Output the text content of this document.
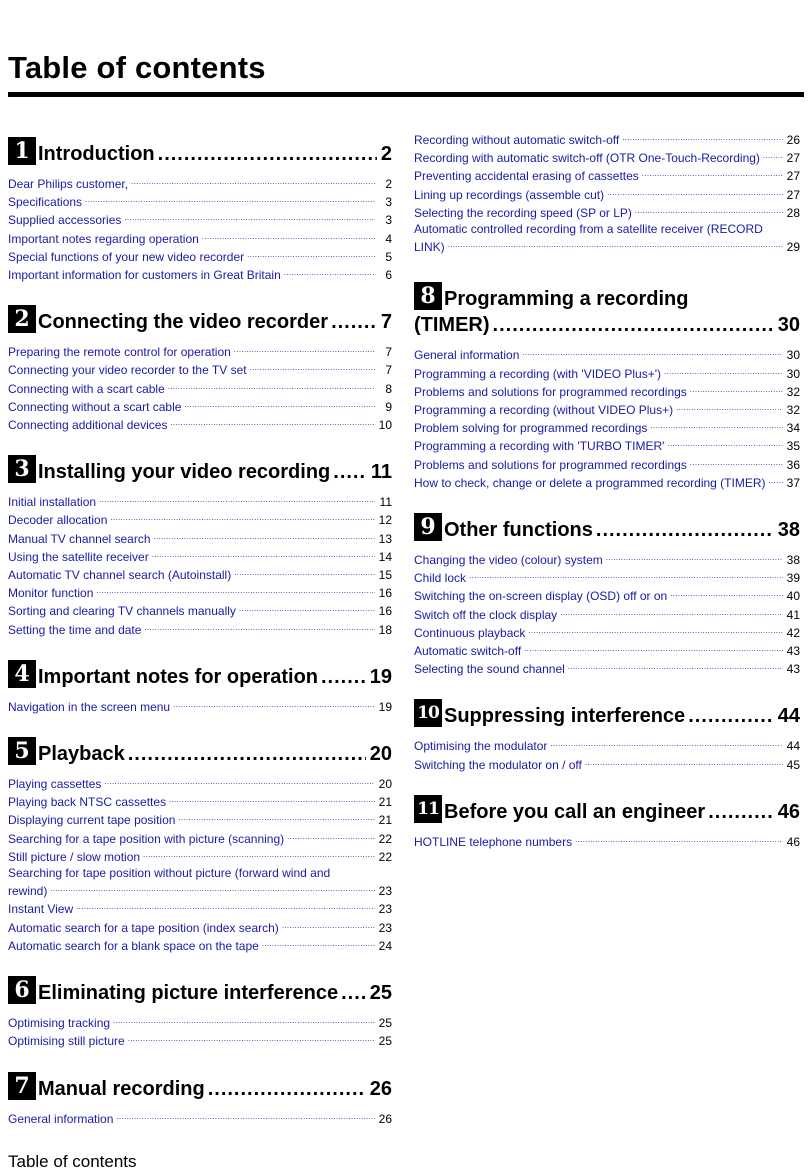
Table of contents
1 Introduction .....	2
Dear Philips customer, .....	2
Specifications .....	3
Supplied accessories .....	3
Important notes regarding operation .....	4
Special functions of your new video recorder .....	5
Important information for customers in Great Britain .....	6
2 Connecting the video recorder .....	7
Preparing the remote control for operation .....	7
Connecting your video recorder to the TV set .....	7
Connecting with a scart cable .....	8
Connecting without a scart cable .....	9
Connecting additional devices .....	10
3 Installing your video recording ..... 11
Initial installation .....	11
Decoder allocation .....	12
Manual TV channel search .....	13
Using the satellite receiver .....	14
Automatic TV channel search (Autoinstall) .....	15
Monitor function .....	16
Sorting and clearing TV channels manually .....	16
Setting the time and date .....	18
4 Important notes for operation .....	19
Navigation in the screen menu .....	19
5 Playback .....	20
Playing cassettes .....	20
Playing back NTSC cassettes .....	21
Displaying current tape position .....	21
Searching for a tape position with picture (scanning) .....	22
Still picture / slow motion .....	22
Searching for tape position without picture (forward wind and
rewind) .....	23
Instant View .....	23
Automatic search for a tape position (index search) .....	23
Automatic search for a blank space on the tape .....	24
6 Eliminating picture interference ..... 25
Optimising tracking .....	25
Optimising still picture .....	25
7 Manual recording .....	26
General information .....	26
Recording without automatic switch-off .....	26
Recording with automatic switch-off (OTR One-Touch-Recording) ..... 27
Preventing accidental erasing of cassettes .....	27
Lining up recordings (assemble cut) .....	27
Selecting the recording speed (SP or LP) .....	28
Automatic controlled recording from a satellite receiver (RECORD
LINK) .....	29
8 Programming a recording
(TIMER) .....	30
General information .....	30
Programming a recording (with 'VIDEO Plus+') .....	30
Problems and solutions for programmed recordings .....	32
Programming a recording (without VIDEO Plus+) .....	32
Problem solving for programmed recordings .....	34
Programming a recording with 'TURBO TIMER' .....	35
Problems and solutions for programmed recordings .....	36
How to check, change or delete a programmed recording (TIMER) ..... 37
9 Other functions .....	38
Changing the video (colour) system .....	38
Child lock .....	39
Switching the on-screen display (OSD) off or on .....	40
Switch off the clock display .....	41
Continuous playback .....	42
Automatic switch-off .....	43
Selecting the sound channel .....	43
10 Suppressing interference .....	44
Optimising the modulator .....	44
Switching the modulator on / off .....	45
11 Before you call an engineer .....	46
HOTLINE telephone numbers .....	46
Table of contents
